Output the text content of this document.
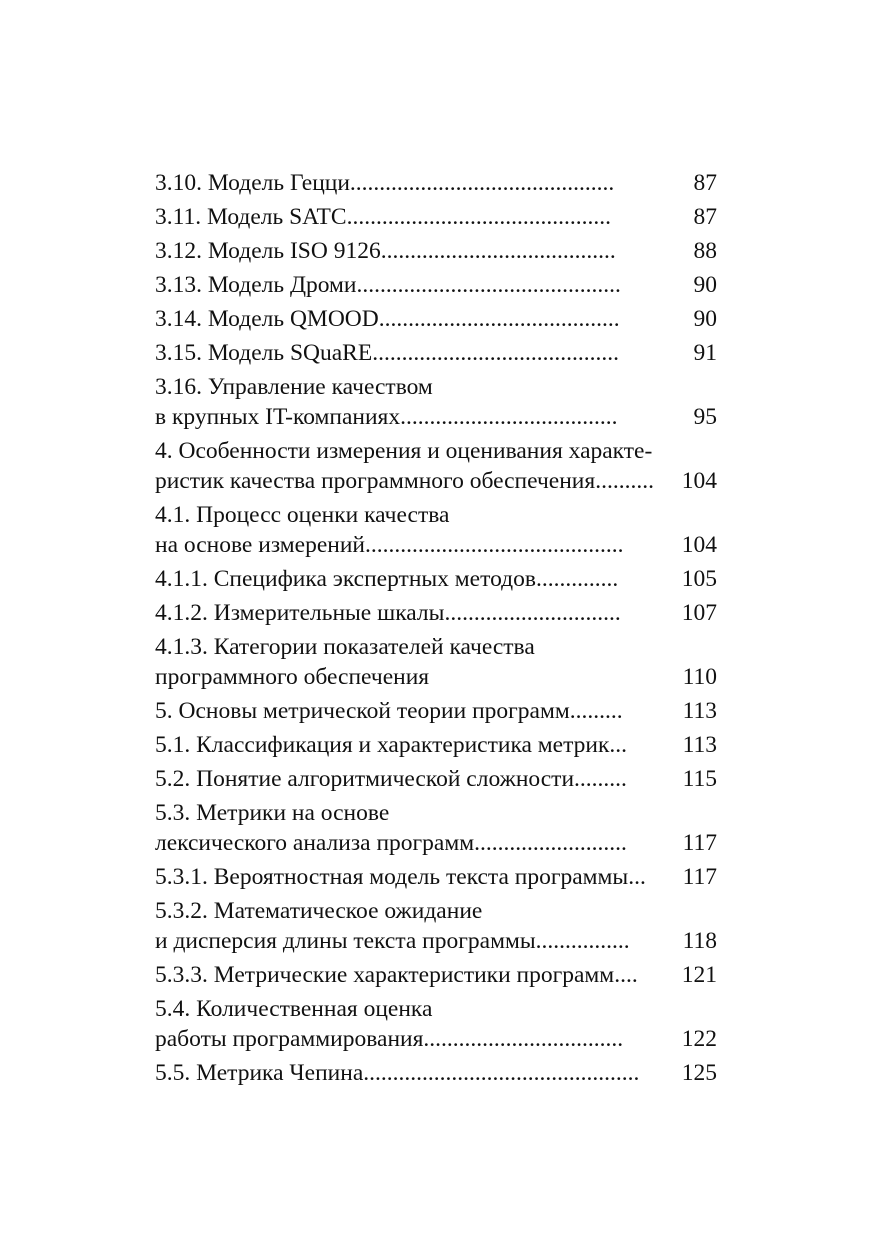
3.10. Модель Гецци.............................................	87
3.11. Модель SATC.............................................	87
3.12. Модель ISO 9126........................................	88
3.13. Модель Дроми.............................................	90
3.14. Модель QMOOD.........................................	90
3.15. Модель SQuaRE..........................................	91
3.16. Управление качеством
в крупных IT-компаниях.....................................	95
4. Особенности измерения и оценивания характе-
ристик качества программного обеспечения.......... 104
4.1. Процесс оценки качества
на основе измерений............................................	104
4.1.1. Специфика экспертных методов..............	105
4.1.2. Измерительные шкалы..............................	107
4.1.3. Категории показателей качества
программного обеспечения	110
5. Основы метрической теории программ.........	113
5.1. Классификация и характеристика метрик...	113
5.2. Понятие алгоритмической сложности.........	115
5.3. Метрики на основе
лексического анализа программ..........................	117
5.3.1. Вероятностная модель текста программы...	117
5.3.2. Математическое ожидание
и дисперсия длины текста программы................	118
5.3.3. Метрические характеристики программ....	121
5.4. Количественная оценка
работы программирования..................................	122
5.5. Метрика Чепина...............................................	125
